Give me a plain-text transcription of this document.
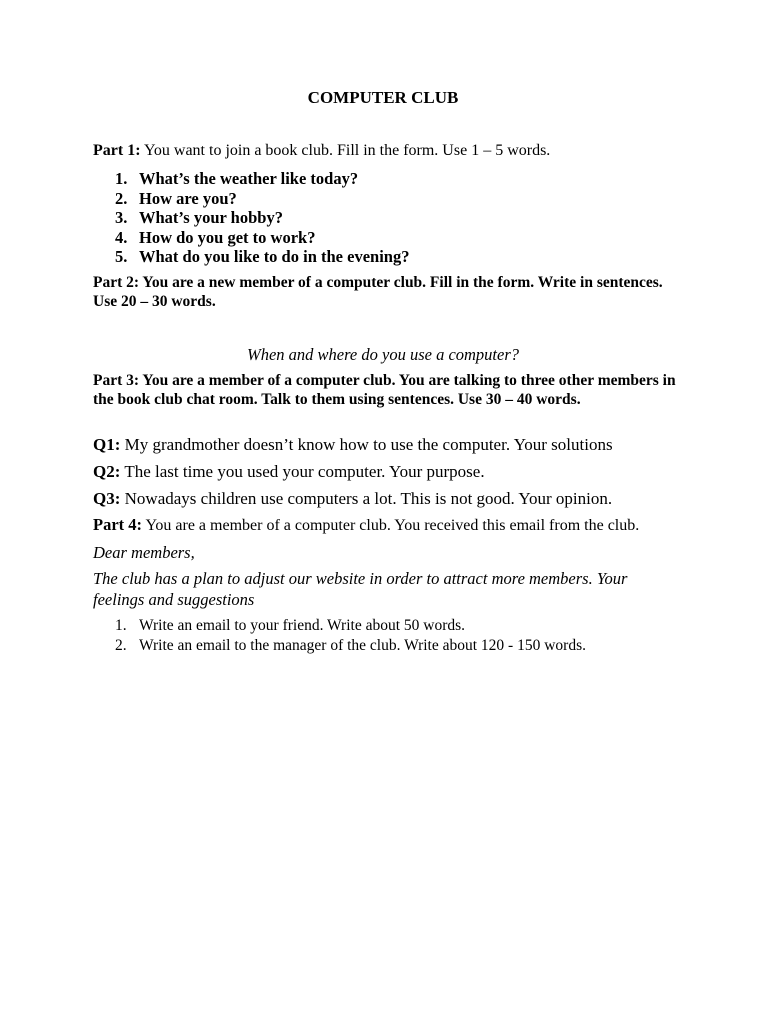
COMPUTER CLUB

Part 1: You want to join a book club. Fill in the form. Use 1 – 5 words.

1. What’s the weather like today?
2. How are you?
3. What’s your hobby?
4. How do you get to work?
5. What do you like to do in the evening?

Part 2: You are a new member of a computer club. Fill in the form. Write in sentences. Use 20 – 30 words.

When and where do you use a computer?

Part 3: You are a member of a computer club. You are talking to three other members in the book club chat room. Talk to them using sentences. Use 30 – 40 words.

Q1: My grandmother doesn’t know how to use the computer. Your solutions

Q2: The last time you used your computer. Your purpose.

Q3: Nowadays children use computers a lot. This is not good. Your opinion.

Part 4: You are a member of a computer club. You received this email from the club.

Dear members,

The club has a plan to adjust our website in order to attract more members. Your feelings and suggestions

1. Write an email to your friend. Write about 50 words.
2. Write an email to the manager of the club. Write about 120 - 150 words.
